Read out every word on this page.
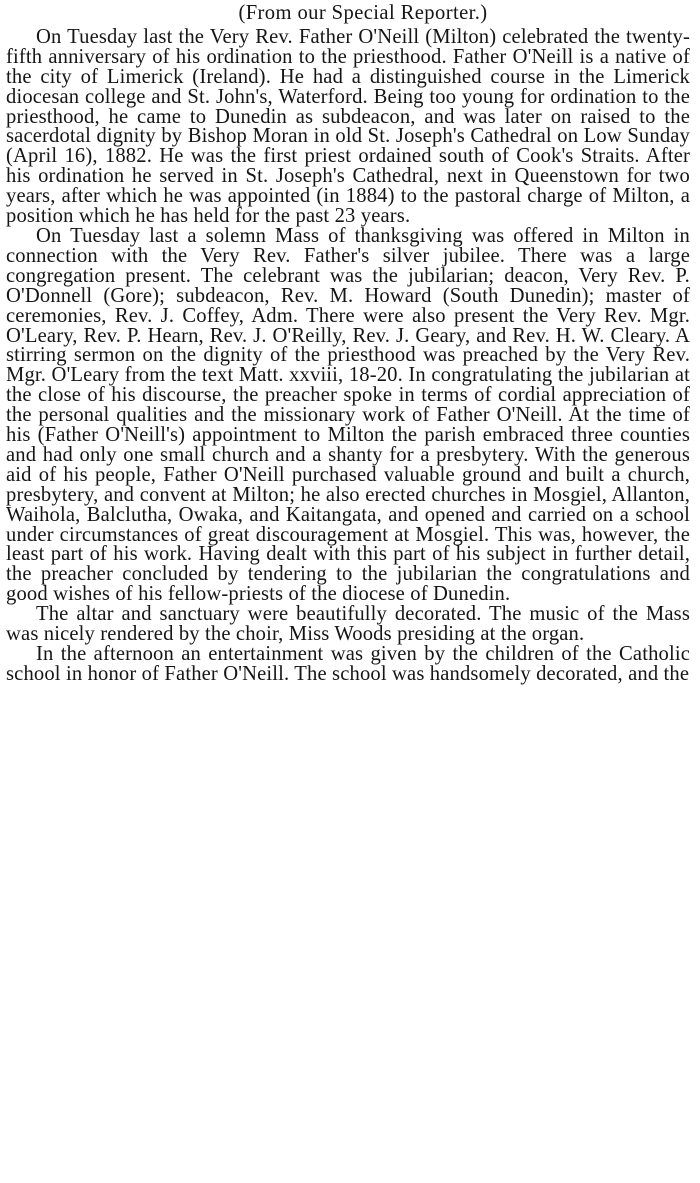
(From our Special Reporter.)

On Tuesday last the Very Rev. Father O'Neill (Milton) celebrated the twenty-fifth anniversary of his ordination to the priesthood. Father O'Neill is a native of the city of Limerick (Ireland). He had a distinguished course in the Limerick diocesan college and St. John's, Waterford. Being too young for ordination to the priesthood, he came to Dunedin as subdeacon, and was later on raised to the sacerdotal dignity by Bishop Moran in old St. Joseph's Cathedral on Low Sunday (April 16), 1882. He was the first priest ordained south of Cook's Straits. After his ordination he served in St. Joseph's Cathedral, next in Queenstown for two years, after which he was appointed (in 1884) to the pastoral charge of Milton, a position which he has held for the past 23 years.

On Tuesday last a solemn Mass of thanksgiving was offered in Milton in connection with the Very Rev. Father's silver jubilee. There was a large congregation present. The celebrant was the jubilarian; deacon, Very Rev. P. O'Donnell (Gore); subdeacon, Rev. M. Howard (South Dunedin); master of ceremonies, Rev. J. Coffey, Adm. There were also present the Very Rev. Mgr. O'Leary, Rev. P. Hearn, Rev. J. O'Reilly, Rev. J. Geary, and Rev. H. W. Cleary. A stirring sermon on the dignity of the priesthood was preached by the Very Rev. Mgr. O'Leary from the text Matt. xxviii, 18-20. In congratulating the jubilarian at the close of his discourse, the preacher spoke in terms of cordial appreciation of the personal qualities and the missionary work of Father O'Neill. At the time of his (Father O'Neill's) appointment to Milton the parish embraced three counties and had only one small church and a shanty for a presbytery. With the generous aid of his people, Father O'Neill purchased valuable ground and built a church, presbytery, and convent at Milton; he also erected churches in Mosgiel, Allanton, Waihola, Balclutha, Owaka, and Kaitangata, and opened and carried on a school under circumstances of great discouragement at Mosgiel. This was, however, the least part of his work. Having dealt with this part of his subject in further detail, the preacher concluded by tendering to the jubilarian the congratulations and good wishes of his fellow-priests of the diocese of Dunedin.

The altar and sanctuary were beautifully decorated. The music of the Mass was nicely rendered by the choir, Miss Woods presiding at the organ.

In the afternoon an entertainment was given by the children of the Catholic school in honor of Father O'Neill. The school was handsomely decorated, and the
